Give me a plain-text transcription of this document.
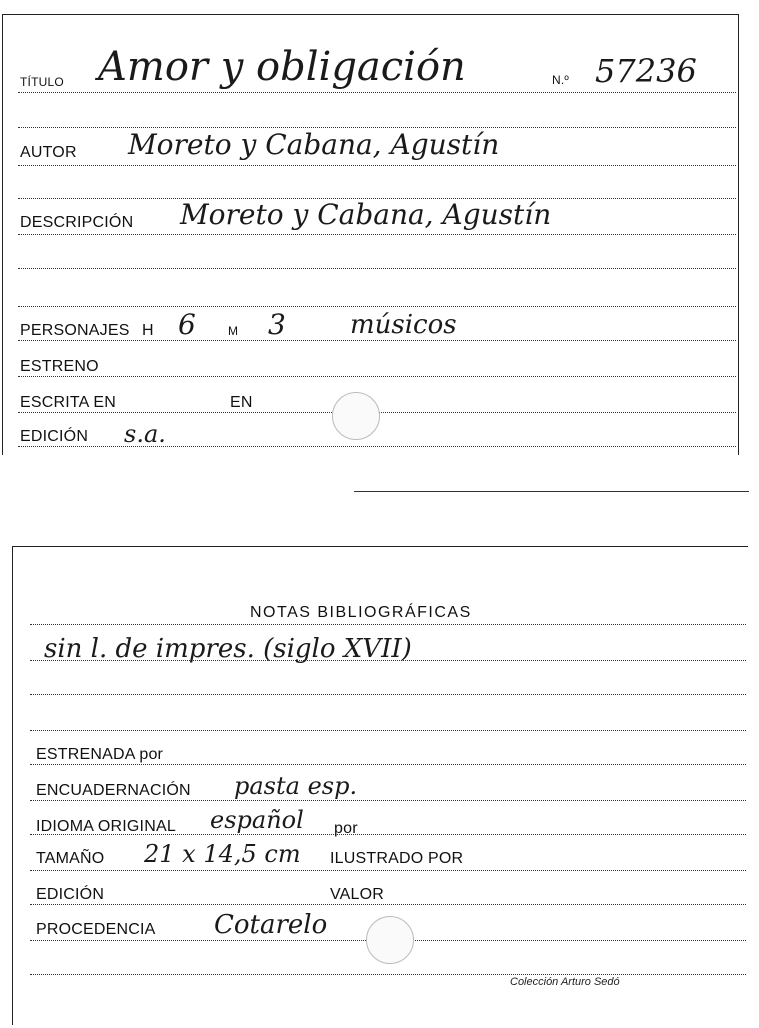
TÍTULO Amor y obligación	N.º 57236
AUTOR Moreto y Cabana, Agustín
DESCRIPCIÓN Moreto y Cabana, Agustín
PERSONAJES H 6	M 3 músicos
ESTRENO
ESCRITA EN	EN
EDICIÓN s.a.
NOTAS BIBLIOGRÁFICAS
sin l. de impres. (siglo XVII)
ESTRENADA por
ENCUADERNACIÓN pasta esp.
IDIOMA ORIGINAL español por
TAMAÑO 21 x 14,5 cm ILUSTRADO POR
EDICIÓN	VALOR
PROCEDENCIA Cotarelo
Colección Arturo Sedó
